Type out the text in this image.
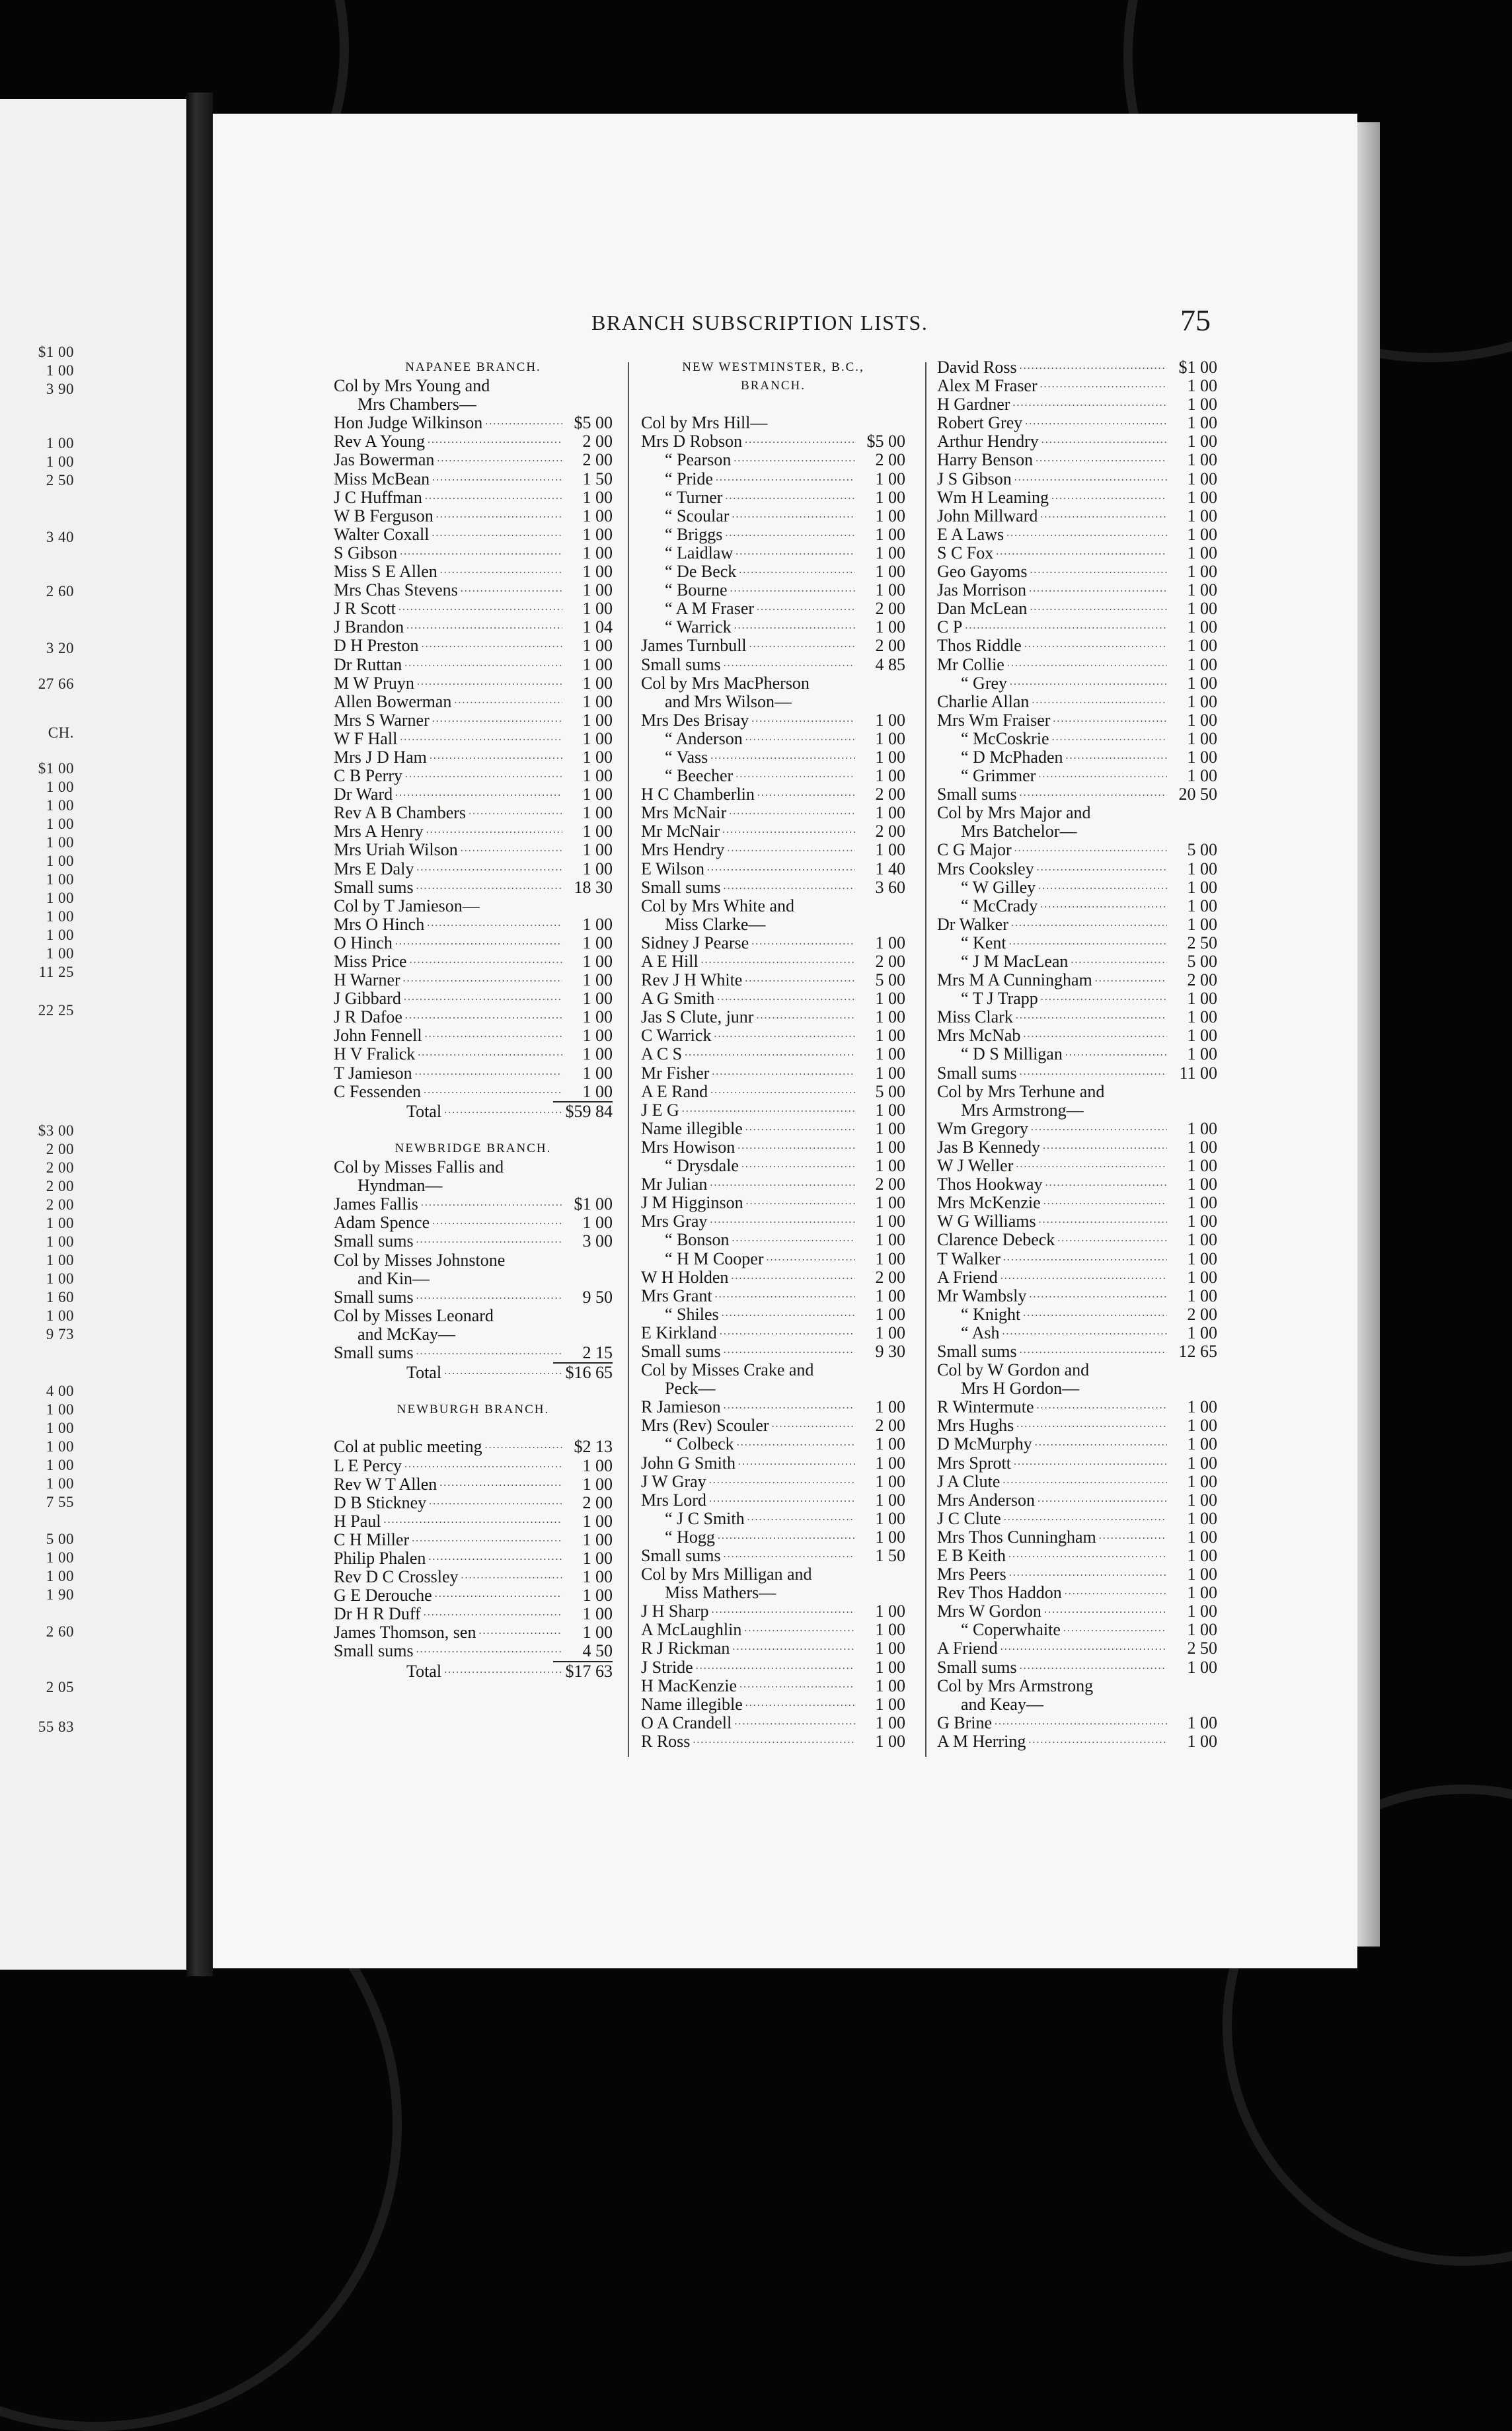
$1 00
1 00
3 90
1 00
1 00
2 50
3 40
2 60
3 20
27 66
CH.
$1 00
1 00
1 00
1 00
1 00
1 00
1 00
1 00
1 00
1 00
1 00
11 25
22 25
$3 00
2 00
2 00
2 00
2 00
1 00
1 00
1 00
1 00
1 60
1 00
9 73
4 00
1 00
1 00
1 00
1 00
1 00
7 55
5 00
1 00
1 00
1 90
2 60
2 05
55 83
BRANCH SUBSCRIPTION LISTS.	75
NAPANEE BRANCH.
Col by Mrs Young and
Mrs Chambers—
Hon Judge Wilkinson . . .	$5 00
Rev A Young . . .	2 00
Jas Bowerman . . .	2 00
Miss McBean . . .	1 50
J C Huffman . . .	1 00
W B Ferguson . . .	1 00
Walter Coxall . . .	1 00
S Gibson . . .	1 00
Miss S E Allen . . .	1 00
Mrs Chas Stevens . . .	1 00
J R Scott . . .	1 00
J Brandon . . .	1 04
D H Preston . . .	1 00
Dr Ruttan . . .	1 00
M W Pruyn . . .	1 00
Allen Bowerman . . .	1 00
Mrs S Warner . . .	1 00
W F Hall . . .	1 00
Mrs J D Ham . . .	1 00
C B Perry . . .	1 00
Dr Ward . . .	1 00
Rev A B Chambers . . .	1 00
Mrs A Henry . . .	1 00
Mrs Uriah Wilson . . .	1 00
Mrs E Daly . . .	1 00
Small sums . . .	18 30
Col by T Jamieson—
Mrs O Hinch . . .	1 00
O Hinch . . .	1 00
Miss Price . . .	1 00
H Warner . . .	1 00
J Gibbard . . .	1 00
J R Dafoe . . .	1 00
John Fennell . . .	1 00
H V Fralick . . .	1 00
T Jamieson . . .	1 00
C Fessenden . . .	1 00
Total . . .	$59 84
NEWBRIDGE BRANCH.
Col by Misses Fallis and
Hyndman—
James Fallis . . .	$1 00
Adam Spence . . .	1 00
Small sums . . .	3 00
Col by Misses Johnstone
and Kin—
Small sums . . .	9 50
Col by Misses Leonard
and McKay—
Small sums . . .	2 15
Total . . .	$16 65
NEWBURGH BRANCH.
Col at public meeting . . .	$2 13
L E Percy . . .	1 00
Rev W T Allen . . .	1 00
D B Stickney . . .	2 00
H Paul . . .	1 00
C H Miller . . .	1 00
Philip Phalen . . .	1 00
Rev D C Crossley . . .	1 00
G E Derouche . . .	1 00
Dr H R Duff . . .	1 00
James Thomson, sen . . .	1 00
Small sums . . .	4 50
Total . . .	$17 63
NEW WESTMINSTER, B.C.,
BRANCH.
Col by Mrs Hill—
Mrs D Robson . . .	$5 00
“ Pearson . . .	2 00
“ Pride . . .	1 00
“ Turner . . .	1 00
“ Scoular . . .	1 00
“ Briggs . . .	1 00
“ Laidlaw . . .	1 00
“ De Beck . . .	1 00
“ Bourne . . .	1 00
“ A M Fraser . . .	2 00
“ Warrick . . .	1 00
James Turnbull . . .	2 00
Small sums . . .	4 85
Col by Mrs MacPherson
and Mrs Wilson—
Mrs Des Brisay . . .	1 00
“ Anderson . . .	1 00
“ Vass . . .	1 00
“ Beecher . . .	1 00
H C Chamberlin . . .	2 00
Mrs McNair . . .	1 00
Mr McNair . . .	2 00
Mrs Hendry . . .	1 00
E Wilson . . .	1 40
Small sums . . .	3 60
Col by Mrs White and
Miss Clarke—
Sidney J Pearse . . .	1 00
A E Hill . . .	2 00
Rev J H White . . .	5 00
A G Smith . . .	1 00
Jas S Clute, junr . . .	1 00
C Warrick . . .	1 00
A C S . . .	1 00
Mr Fisher . . .	1 00
A E Rand . . .	5 00
J E G . . .	1 00
Name illegible . . .	1 00
Mrs Howison . . .	1 00
“ Drysdale . . .	1 00
Mr Julian . . .	2 00
J M Higginson . . .	1 00
Mrs Gray . . .	1 00
“ Bonson . . .	1 00
“ H M Cooper . . .	1 00
W H Holden . . .	2 00
Mrs Grant . . .	1 00
“ Shiles . . .	1 00
E Kirkland . . .	1 00
Small sums . . .	9 30
Col by Misses Crake and
Peck—
R Jamieson . . .	1 00
Mrs (Rev) Scouler . . .	2 00
“ Colbeck . . .	1 00
John G Smith . . .	1 00
J W Gray . . .	1 00
Mrs Lord . . .	1 00
“ J C Smith . . .	1 00
“ Hogg . . .	1 00
Small sums . . .	1 50
Col by Mrs Milligan and
Miss Mathers—
J H Sharp . . .	1 00
A McLaughlin . . .	1 00
R J Rickman . . .	1 00
J Stride . . .	1 00
H MacKenzie . . .	1 00
Name illegible . . .	1 00
O A Crandell . . .	1 00
R Ross . . .	1 00
David Ross . . .	$1 00
Alex M Fraser . . .	1 00
H Gardner . . .	1 00
Robert Grey . . .	1 00
Arthur Hendry . . .	1 00
Harry Benson . . .	1 00
J S Gibson . . .	1 00
Wm H Leaming . . .	1 00
John Millward . . .	1 00
E A Laws . . .	1 00
S C Fox . . .	1 00
Geo Gayoms . . .	1 00
Jas Morrison . . .	1 00
Dan McLean . . .	1 00
C P . . .	1 00
Thos Riddle . . .	1 00
Mr Collie . . .	1 00
“ Grey . . .	1 00
Charlie Allan . . .	1 00
Mrs Wm Fraiser . . .	1 00
“ McCoskrie . . .	1 00
“ D McPhaden . . .	1 00
“ Grimmer . . .	1 00
Small sums . . .	20 50
Col by Mrs Major and
Mrs Batchelor—
C G Major . . .	5 00
Mrs Cooksley . . .	1 00
“ W Gilley . . .	1 00
“ McCrady . . .	1 00
Dr Walker . . .	1 00
“ Kent . . .	2 50
“ J M MacLean . . .	5 00
Mrs M A Cunningham . . .	2 00
“ T J Trapp . . .	1 00
Miss Clark . . .	1 00
Mrs McNab . . .	1 00
“ D S Milligan . . .	1 00
Small sums . . .	11 00
Col by Mrs Terhune and
Mrs Armstrong—
Wm Gregory . . .	1 00
Jas B Kennedy . . .	1 00
W J Weller . . .	1 00
Thos Hookway . . .	1 00
Mrs McKenzie . . .	1 00
W G Williams . . .	1 00
Clarence Debeck . . .	1 00
T Walker . . .	1 00
A Friend . . .	1 00
Mr Wambsly . . .	1 00
“ Knight . . .	2 00
“ Ash . . .	1 00
Small sums . . .	12 65
Col by W Gordon and
Mrs H Gordon—
R Wintermute . . .	1 00
Mrs Hughs . . .	1 00
D McMurphy . . .	1 00
Mrs Sprott . . .	1 00
J A Clute . . .	1 00
Mrs Anderson . . .	1 00
J C Clute . . .	1 00
Mrs Thos Cunningham . . .	1 00
E B Keith . . .	1 00
Mrs Peers . . .	1 00
Rev Thos Haddon . . .	1 00
Mrs W Gordon . . .	1 00
“ Coperwhaite . . .	1 00
A Friend . . .	2 50
Small sums . . .	1 00
Col by Mrs Armstrong
and Keay—
G Brine . . .	1 00
A M Herring . . .	1 00
